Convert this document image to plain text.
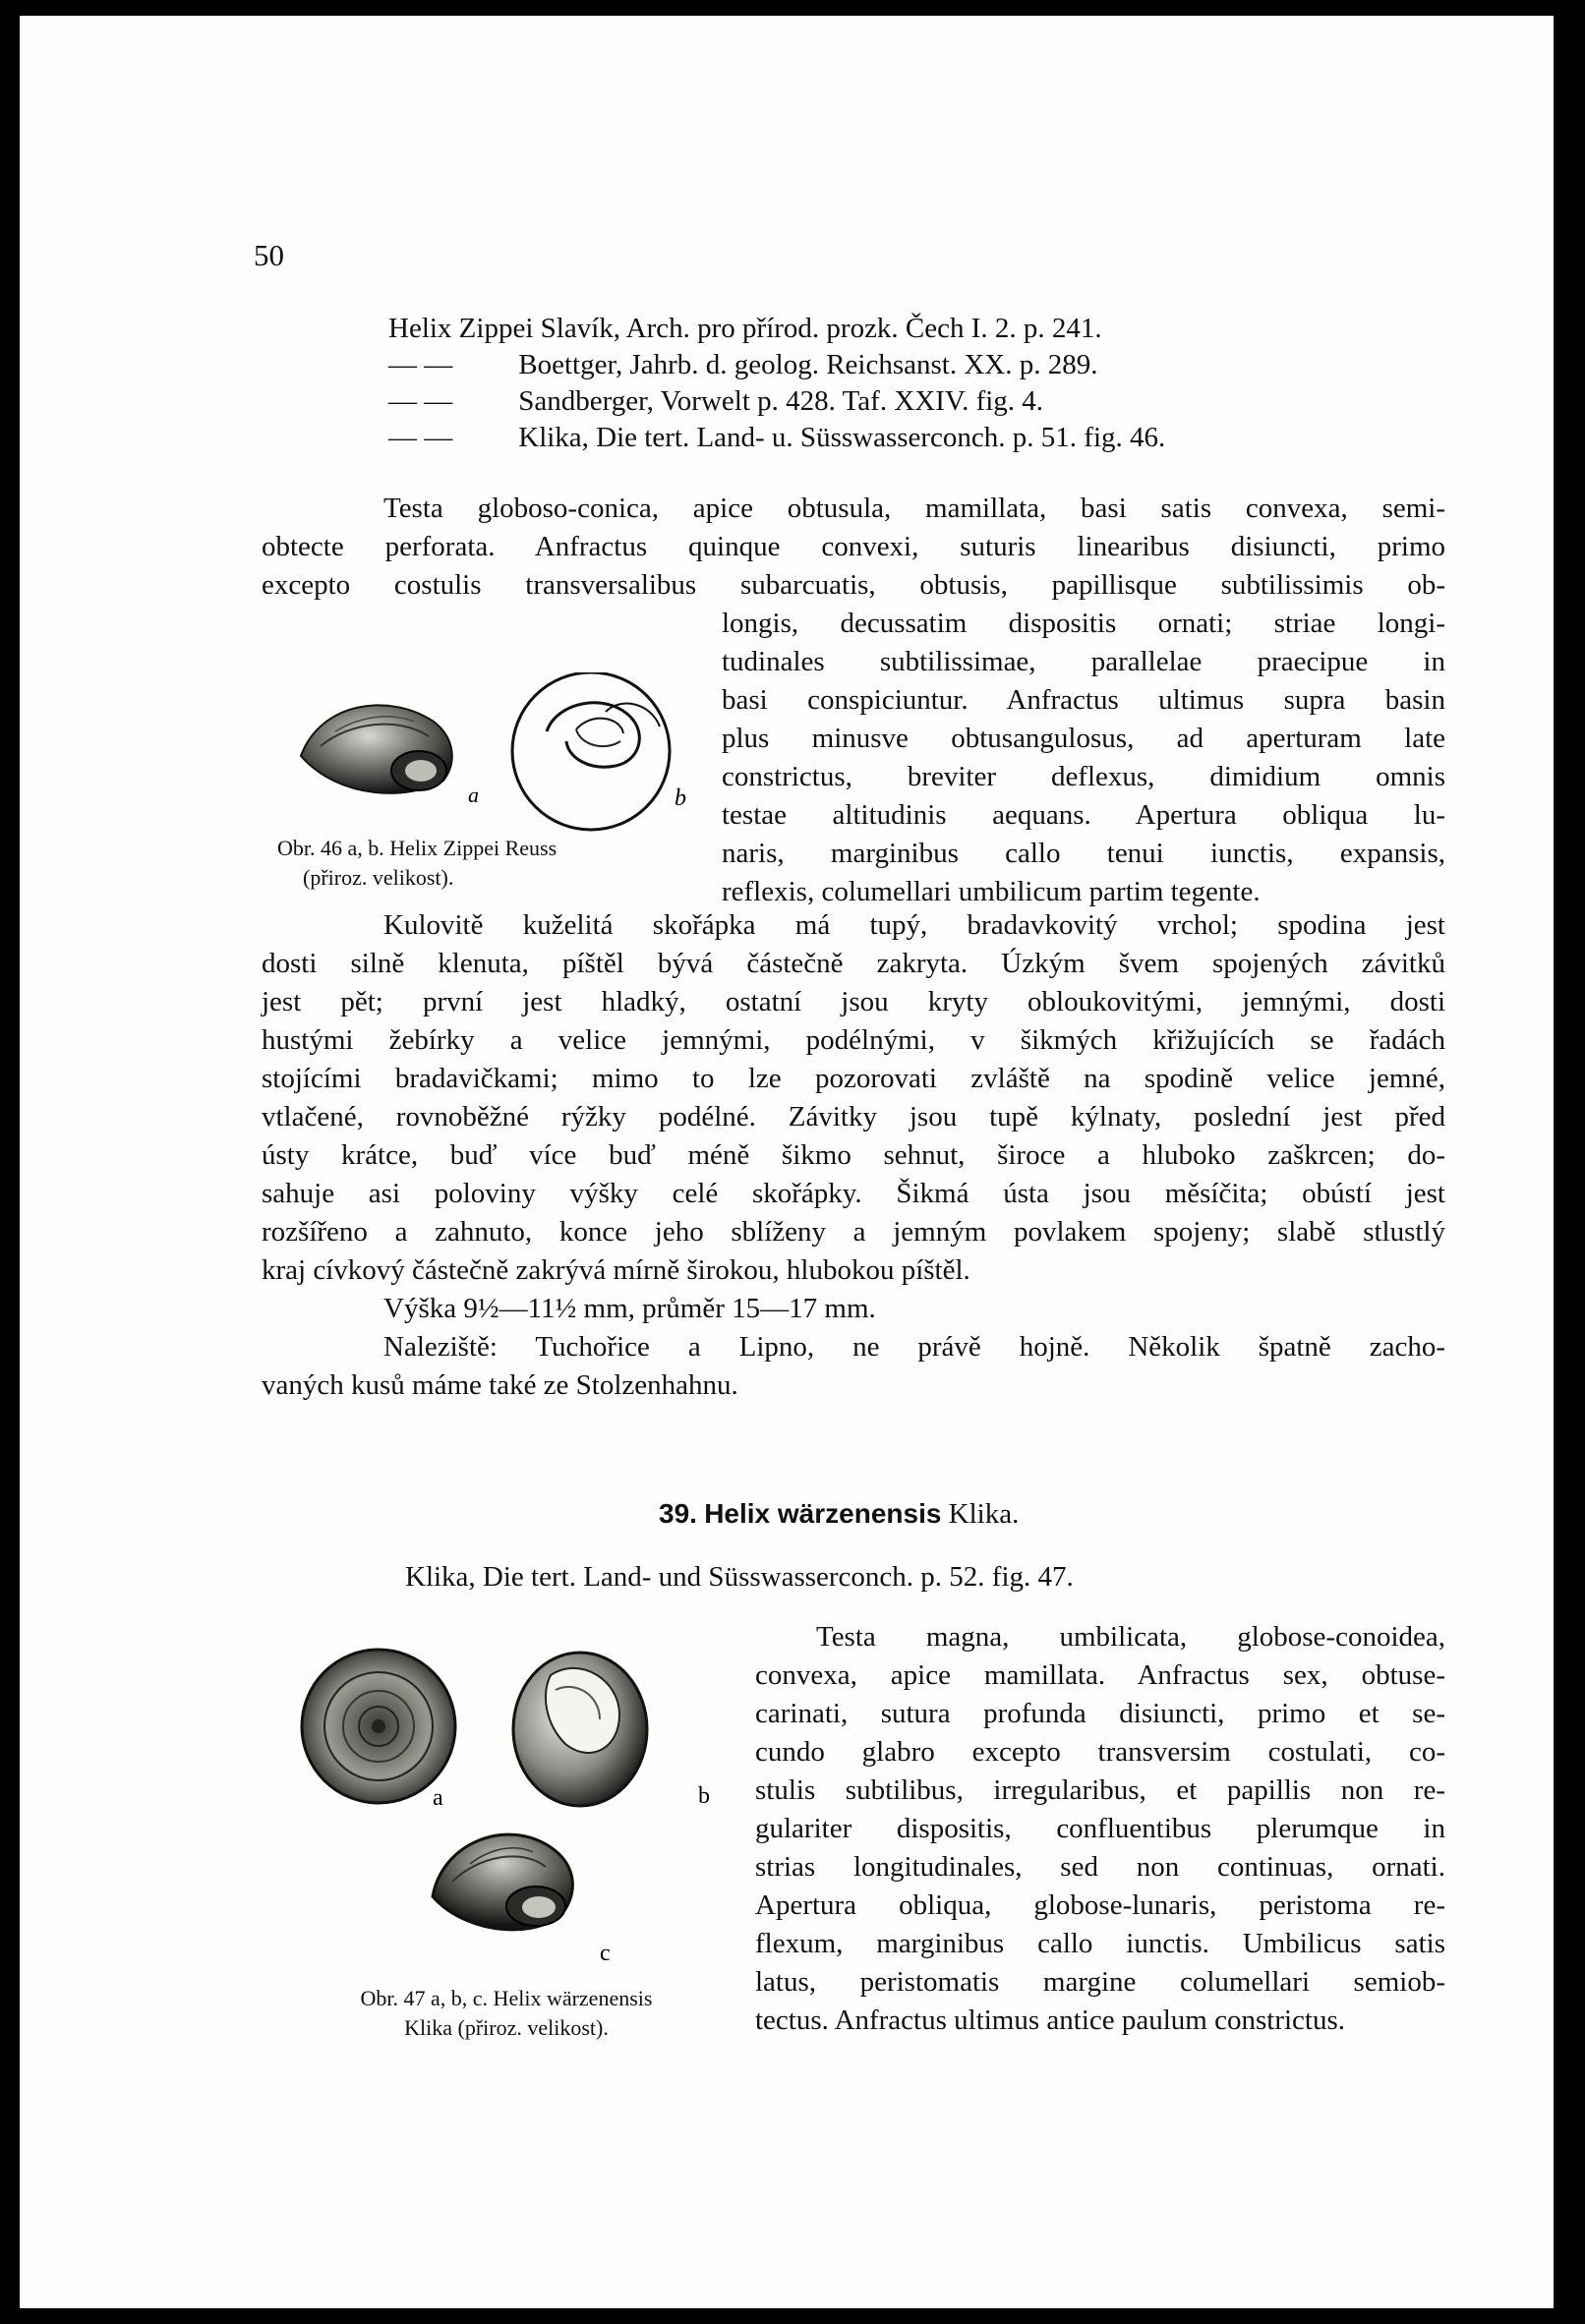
50
Helix Zippei Slavík, Arch. pro přírod. prozk. Čech I. 2. p. 241.
— — Boettger, Jahrb. d. geolog. Reichsanst. XX. p. 289.
— — Sandberger, Vorwelt p. 428. Taf. XXIV. fig. 4.
— — Klika, Die tert. Land- u. Süsswasserconch. p. 51. fig. 46.
Testa globoso-conica, apice obtusula, mamillata, basi satis convexa, semi-
obtecte perforata. Anfractus quinque convexi, suturis linearibus disiuncti, primo
excepto costulis transversalibus subarcuatis, obtusis, papillisque subtilissimis ob-
longis, decussatim dispositis ornati; striae longi-
tudinales subtilissimae, parallelae praecipue in
basi conspiciuntur. Anfractus ultimus supra basin
plus minusve obtusangulosus, ad aperturam late
constrictus, breviter deflexus, dimidium omnis
testae altitudinis aequans. Apertura obliqua lu-
naris, marginibus callo tenui iunctis, expansis,
reflexis, columellari umbilicum partim tegente.
a	b
Obr. 46 a, b. Helix Zippei Reuss
(přiroz. velikost).
Kulovitě kuželitá skořápka má tupý, bradavkovitý vrchol; spodina jest
dosti silně klenuta, píštěl bývá částečně zakryta. Úzkým švem spojených závitků
jest pět; první jest hladký, ostatní jsou kryty obloukovitými, jemnými, dosti
hustými žebírky a velice jemnými, podélnými, v šikmých křižujících se řadách
stojícími bradavičkami; mimo to lze pozorovati zvláště na spodině velice jemné,
vtlačené, rovnoběžné rýžky podélné. Závitky jsou tupě kýlnaty, poslední jest před
ústy krátce, buď více buď méně šikmo sehnut, široce a hluboko zaškrcen; do-
sahuje asi poloviny výšky celé skořápky. Šikmá ústa jsou měsíčita; obústí jest
rozšířeno a zahnuto, konce jeho sblíženy a jemným povlakem spojeny; slabě stlustlý
kraj cívkový částečně zakrývá mírně širokou, hlubokou píštěl.
Výška 9½—11½ mm, průměr 15—17 mm.
Naleziště: Tuchořice a Lipno, ne právě hojně. Několik špatně zacho-
vaných kusů máme také ze Stolzenhahnu.
39. Helix wärzenensis Klika.
Klika, Die tert. Land- und Süsswasserconch. p. 52. fig. 47.
Testa magna, umbilicata, globose-conoidea,
convexa, apice mamillata. Anfractus sex, obtuse-
carinati, sutura profunda disiuncti, primo et se-
cundo glabro excepto transversim costulati, co-
stulis subtilibus, irregularibus, et papillis non re-
gulariter dispositis, confluentibus plerumque in
strias longitudinales, sed non continuas, ornati.
Apertura obliqua, globose-lunaris, peristoma re-
flexum, marginibus callo iunctis. Umbilicus satis
latus, peristomatis margine columellari semiob-
tectus. Anfractus ultimus antice paulum constrictus.
a	b
c
Obr. 47 a, b, c. Helix wärzenensis
Klika (přiroz. velikost).
